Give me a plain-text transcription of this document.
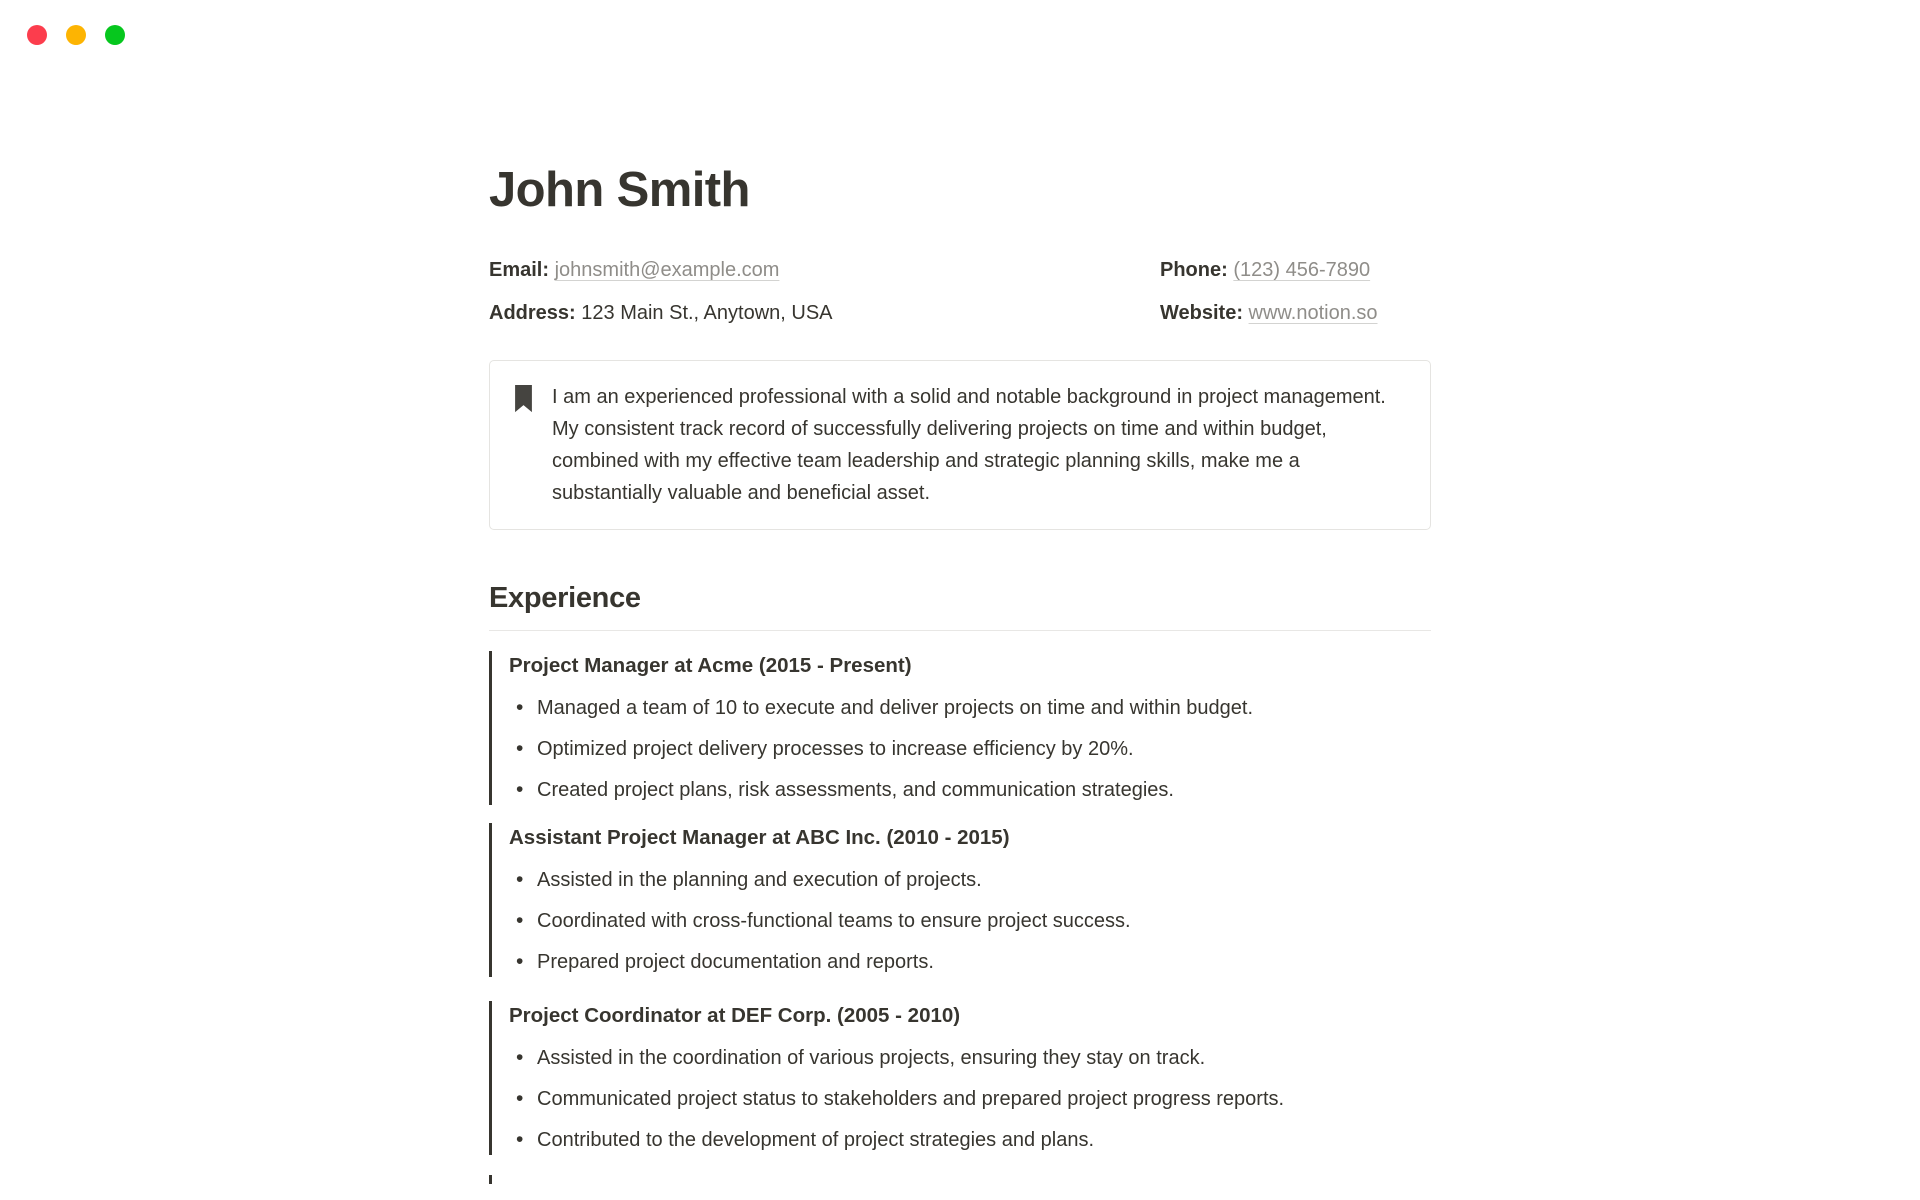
John Smith
Email: johnsmith@example.com
Address: 123 Main St., Anytown, USA
Phone: (123) 456-7890
Website: www.notion.so
I am an experienced professional with a solid and notable background in project management. My consistent track record of successfully delivering projects on time and within budget, combined with my effective team leadership and strategic planning skills, make me a substantially valuable and beneficial asset.
Experience
Project Manager at Acme (2015 - Present)
• Managed a team of 10 to execute and deliver projects on time and within budget.
• Optimized project delivery processes to increase efficiency by 20%.
• Created project plans, risk assessments, and communication strategies.
Assistant Project Manager at ABC Inc. (2010 - 2015)
• Assisted in the planning and execution of projects.
• Coordinated with cross-functional teams to ensure project success.
• Prepared project documentation and reports.
Project Coordinator at DEF Corp. (2005 - 2010)
• Assisted in the coordination of various projects, ensuring they stay on track.
• Communicated project status to stakeholders and prepared project progress reports.
• Contributed to the development of project strategies and plans.
